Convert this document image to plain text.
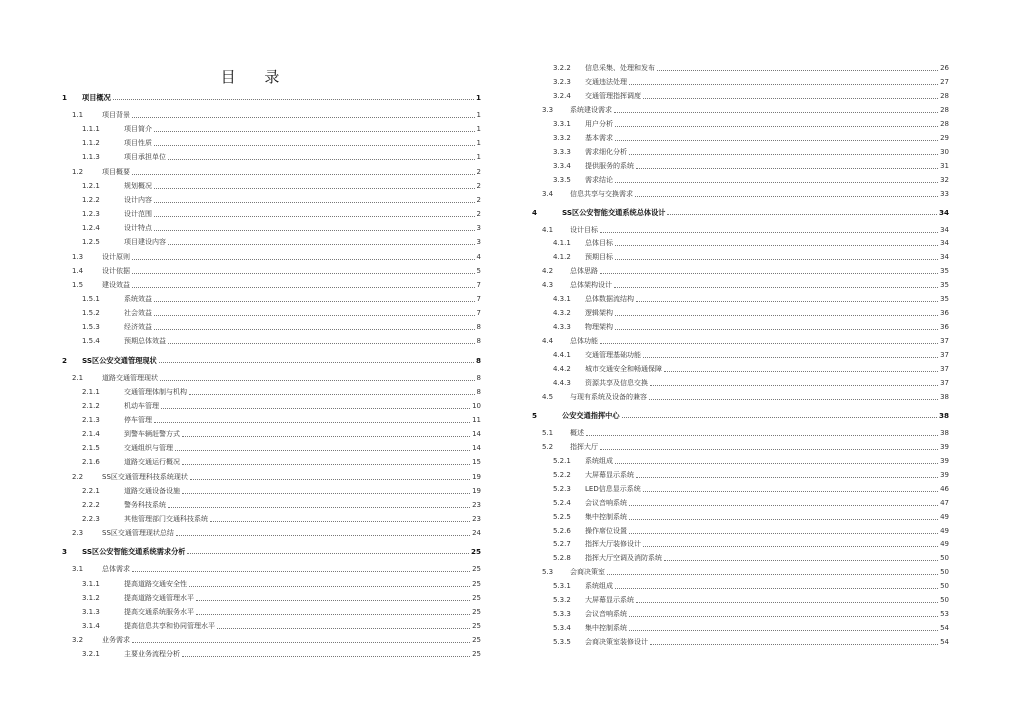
目 录
1	项目概况	1
1.1	项目背景	1
1.1.1	项目简介	1
1.1.2	项目性质	1
1.1.3	项目承担单位	1
1.2	项目概要	2
1.2.1	规划概况	2
1.2.2	设计内容	2
1.2.3	设计范围	2
1.2.4	设计特点	3
1.2.5	项目建设内容	3
1.3	设计原则	4
1.4	设计依据	5
1.5	建设效益	7
1.5.1	系统效益	7
1.5.2	社会效益	7
1.5.3	经济效益	8
1.5.4	预期总体效益	8
2	SS区公安交通管理现状	8
2.1	道路交通管理现状	8
2.1.1	交通管理体制与机构	8
2.1.2	机动车管理	10
2.1.3	停车管理	11
2.1.4	到警车辆赶警方式	14
2.1.5	交通组织与管理	14
2.1.6	道路交通运行概况	15
2.2	SS区交通管理科技系统现状	19
2.2.1	道路交通设备设施	19
2.2.2	警务科技系统	23
2.2.3	其他管理部门交通科技系统	23
2.3	SS区交通管理现状总结	24
3	SS区公安智能交通系统需求分析	25
3.1	总体需求	25
3.1.1	提高道路交通安全性	25
3.1.2	提高道路交通管理水平	25
3.1.3	提高交通系统服务水平	25
3.1.4	提高信息共享和协同管理水平	25
3.2	业务需求	25
3.2.1	主要业务流程分析	25
3.2.2	信息采集、处理和发布	26
3.2.3	交通违法处理	27
3.2.4	交通管理指挥调度	28
3.3	系统建设需求	28
3.3.1	用户分析	28
3.3.2	基本需求	29
3.3.3	需求细化分析	30
3.3.4	提供服务的系统	31
3.3.5	需求结论	32
3.4	信息共享与交换需求	33
4	SS区公安智能交通系统总体设计	34
4.1	设计目标	34
4.1.1	总体目标	34
4.1.2	预期目标	34
4.2	总体思路	35
4.3	总体架构设计	35
4.3.1	总体数据流结构	35
4.3.2	逻辑架构	36
4.3.3	物理架构	36
4.4	总体功能	37
4.4.1	交通管理基础功能	37
4.4.2	城市交通安全和畅通保障	37
4.4.3	资源共享及信息交换	37
4.5	与现有系统及设备的兼容	38
5	公安交通指挥中心	38
5.1	概述	38
5.2	指挥大厅	39
5.2.1	系统组成	39
5.2.2	大屏幕显示系统	39
5.2.3	LED信息显示系统	46
5.2.4	会议音响系统	47
5.2.5	集中控制系统	49
5.2.6	操作席位设置	49
5.2.7	指挥大厅装修设计	49
5.2.8	指挥大厅空调及消防系统	50
5.3	会商决策室	50
5.3.1	系统组成	50
5.3.2	大屏幕显示系统	50
5.3.3	会议音响系统	53
5.3.4	集中控制系统	54
5.3.5	会商决策室装修设计	54
